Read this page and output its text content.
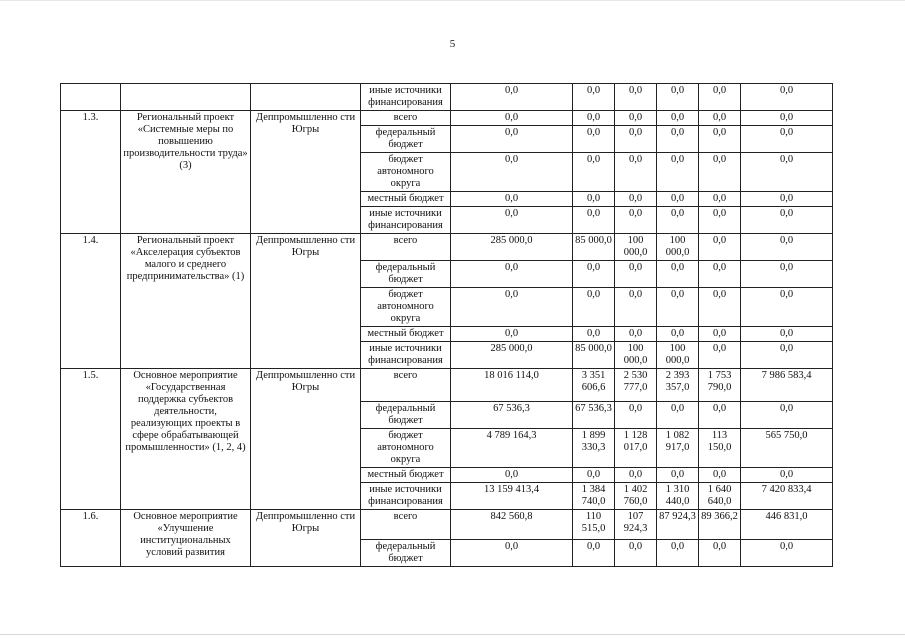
5
			иные источники финансирования	0,0	0,0	0,0	0,0	0,0	0,0
1.3.	Региональный проект «Системные меры по повышению производительности труда» (3)	Деппромышленно сти Югры	всего	0,0	0,0	0,0	0,0	0,0	0,0
			федеральный бюджет	0,0	0,0	0,0	0,0	0,0	0,0
			бюджет автономного округа	0,0	0,0	0,0	0,0	0,0	0,0
			местный бюджет	0,0	0,0	0,0	0,0	0,0	0,0
			иные источники финансирования	0,0	0,0	0,0	0,0	0,0	0,0
1.4.	Региональный проект «Акселерация субъектов малого и среднего предпринимательства» (1)	Деппромышленно сти Югры	всего	285 000,0	85 000,0	100 000,0	100 000,0	0,0	0,0
			федеральный бюджет	0,0	0,0	0,0	0,0	0,0	0,0
			бюджет автономного округа	0,0	0,0	0,0	0,0	0,0	0,0
			местный бюджет	0,0	0,0	0,0	0,0	0,0	0,0
			иные источники финансирования	285 000,0	85 000,0	100 000,0	100 000,0	0,0	0,0
1.5.	Основное мероприятие «Государственная поддержка субъектов деятельности, реализующих проекты в сфере обрабатывающей промышленности» (1, 2, 4)	Деппромышленно сти Югры	всего	18 016 114,0	3 351 606,6	2 530 777,0	2 393 357,0	1 753 790,0	7 986 583,4
			федеральный бюджет	67 536,3	67 536,3	0,0	0,0	0,0	0,0
			бюджет автономного округа	4 789 164,3	1 899 330,3	1 128 017,0	1 082 917,0	113 150,0	565 750,0
			местный бюджет	0,0	0,0	0,0	0,0	0,0	0,0
			иные источники финансирования	13 159 413,4	1 384 740,0	1 402 760,0	1 310 440,0	1 640 640,0	7 420 833,4
1.6.	Основное мероприятие «Улучшение институциональных условий развития	Деппромышленно сти Югры	всего	842 560,8	110 515,0	107 924,3	87 924,3	89 366,2	446 831,0
			федеральный бюджет	0,0	0,0	0,0	0,0	0,0	0,0
